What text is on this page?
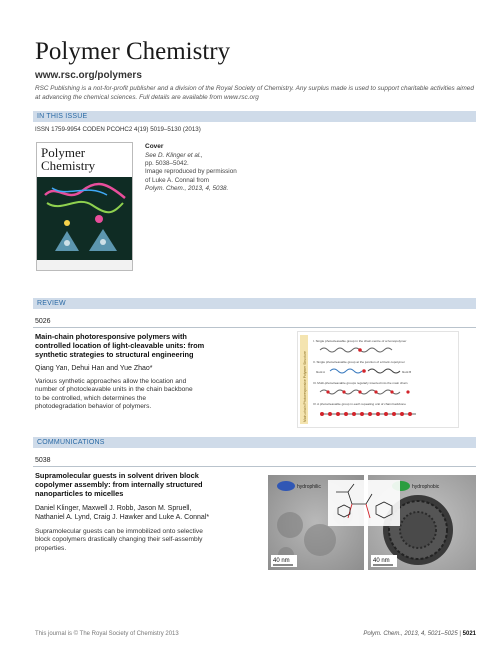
Polymer Chemistry
www.rsc.org/polymers
RSC Publishing is a not-for-profit publisher and a division of the Royal Society of Chemistry. Any surplus made is used to support charitable activities aimed at advancing the chemical sciences. Full details are available from www.rsc.org
IN THIS ISSUE
ISSN 1759-9954 CODEN PCOHC2 4(19) 5019–5130 (2013)
Polymer Chemistry
Cover
See D. Klinger et al.,
pp. 5038–5042.
Image reproduced by permission
of Luke A. Connal from
Polym. Chem., 2013, 4, 5038.
REVIEW
5026
Main-chain photoresponsive polymers with
controlled location of light-cleavable units: from
synthetic strategies to structural engineering
Qiang Yan, Dehui Han and Yue Zhao*
Various synthetic approaches allow the location and
number of photocleavable units in the chain backbone
to be controlled, which determines the
photodegradation behavior of polymers.	Main-chain Photoresponsive Polymer Structure
I. Single photocleavable group in the chain centre of a homopolymer
II. Single photocleavable group at the junction of a block copolymer
block A	block B
III. Multi-photocleavable groups regularly inserted into the main chain
IV. A photocleavable group in each repeating unit of chain backbone
COMMUNICATIONS
5038
Supramolecular guests in solvent driven block
copolymer assembly: from internally structured
nanoparticles to micelles
Daniel Klinger, Maxwell J. Robb, Jason M. Spruell,
Nathaniel A. Lynd, Craig J. Hawker and Luke A. Connal*
Supramolecular guests can be immobilized onto selective
block copolymers drastically changing their self-assembly
properties.
hydrophilic	hydrophobic
40 nm	40 nm
This journal is © The Royal Society of Chemistry 2013	Polym. Chem., 2013, 4, 5021–5025 | 5021
